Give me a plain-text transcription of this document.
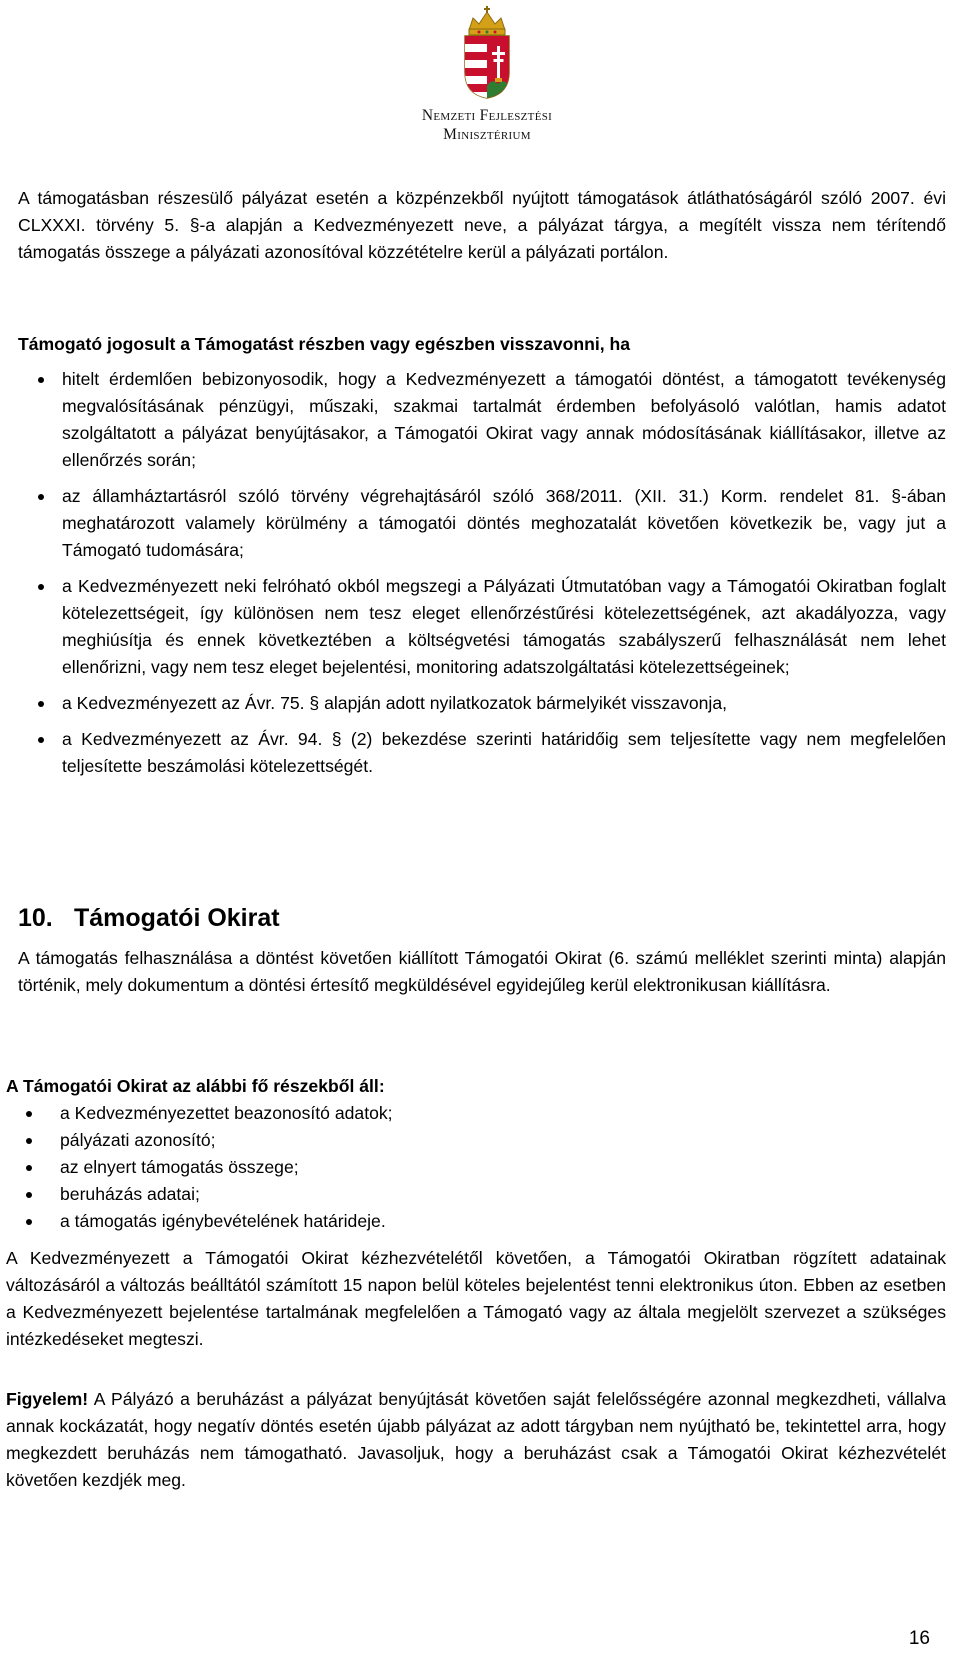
Nemzeti Fejlesztési
Minisztérium

A támogatásban részesülő pályázat esetén a közpénzekből nyújtott támogatások átláthatóságáról szóló 2007. évi CLXXXI. törvény 5. §-a alapján a Kedvezményezett neve, a pályázat tárgya, a megítélt vissza nem térítendő támogatás összege a pályázati azonosítóval közzétételre kerül a pályázati portálon.

Támogató jogosult a Támogatást részben vagy egészben visszavonni, ha

hitelt érdemlően bebizonyosodik, hogy a Kedvezményezett a támogatói döntést, a támogatott tevékenység megvalósításának pénzügyi, műszaki, szakmai tartalmát érdemben befolyásoló valótlan, hamis adatot szolgáltatott a pályázat benyújtásakor, a Támogatói Okirat vagy annak módosításának kiállításakor, illetve az ellenőrzés során;
az államháztartásról szóló törvény végrehajtásáról szóló 368/2011. (XII. 31.) Korm. rendelet 81. §-ában meghatározott valamely körülmény a támogatói döntés meghozatalát követően következik be, vagy jut a Támogató tudomására;
a Kedvezményezett neki felróható okból megszegi a Pályázati Útmutatóban vagy a Támogatói Okiratban foglalt kötelezettségeit, így különösen nem tesz eleget ellenőrzéstűrési kötelezettségének, azt akadályozza, vagy meghiúsítja és ennek következtében a költségvetési támogatás szabályszerű felhasználását nem lehet ellenőrizni, vagy nem tesz eleget bejelentési, monitoring adatszolgáltatási kötelezettségeinek;
a Kedvezményezett az Ávr. 75. § alapján adott nyilatkozatok bármelyikét visszavonja,
a Kedvezményezett az Ávr. 94. § (2) bekezdése szerinti határidőig sem teljesítette vagy nem megfelelően teljesítette beszámolási kötelezettségét.
10. Támogatói Okirat

A támogatás felhasználása a döntést követően kiállított Támogatói Okirat (6. számú melléklet szerinti minta) alapján történik, mely dokumentum a döntési értesítő megküldésével egyidejűleg kerül elektronikusan kiállításra.

A Támogatói Okirat az alábbi fő részekből áll:

a Kedvezményezettet beazonosító adatok;
pályázati azonosító;
az elnyert támogatás összege;
beruházás adatai;
a támogatás igénybevételének határideje.

A Kedvezményezett a Támogatói Okirat kézhezvételétől követően, a Támogatói Okiratban rögzített adatainak változásáról a változás beálltától számított 15 napon belül köteles bejelentést tenni elektronikus úton. Ebben az esetben a Kedvezményezett bejelentése tartalmának megfelelően a Támogató vagy az általa megjelölt szervezet a szükséges intézkedéseket megteszi.

Figyelem! A Pályázó a beruházást a pályázat benyújtását követően saját felelősségére azonnal megkezdheti, vállalva annak kockázatát, hogy negatív döntés esetén újabb pályázat az adott tárgyban nem nyújtható be, tekintettel arra, hogy megkezdett beruházás nem támogatható. Javasoljuk, hogy a beruházást csak a Támogatói Okirat kézhezvételét követően kezdjék meg.

16
